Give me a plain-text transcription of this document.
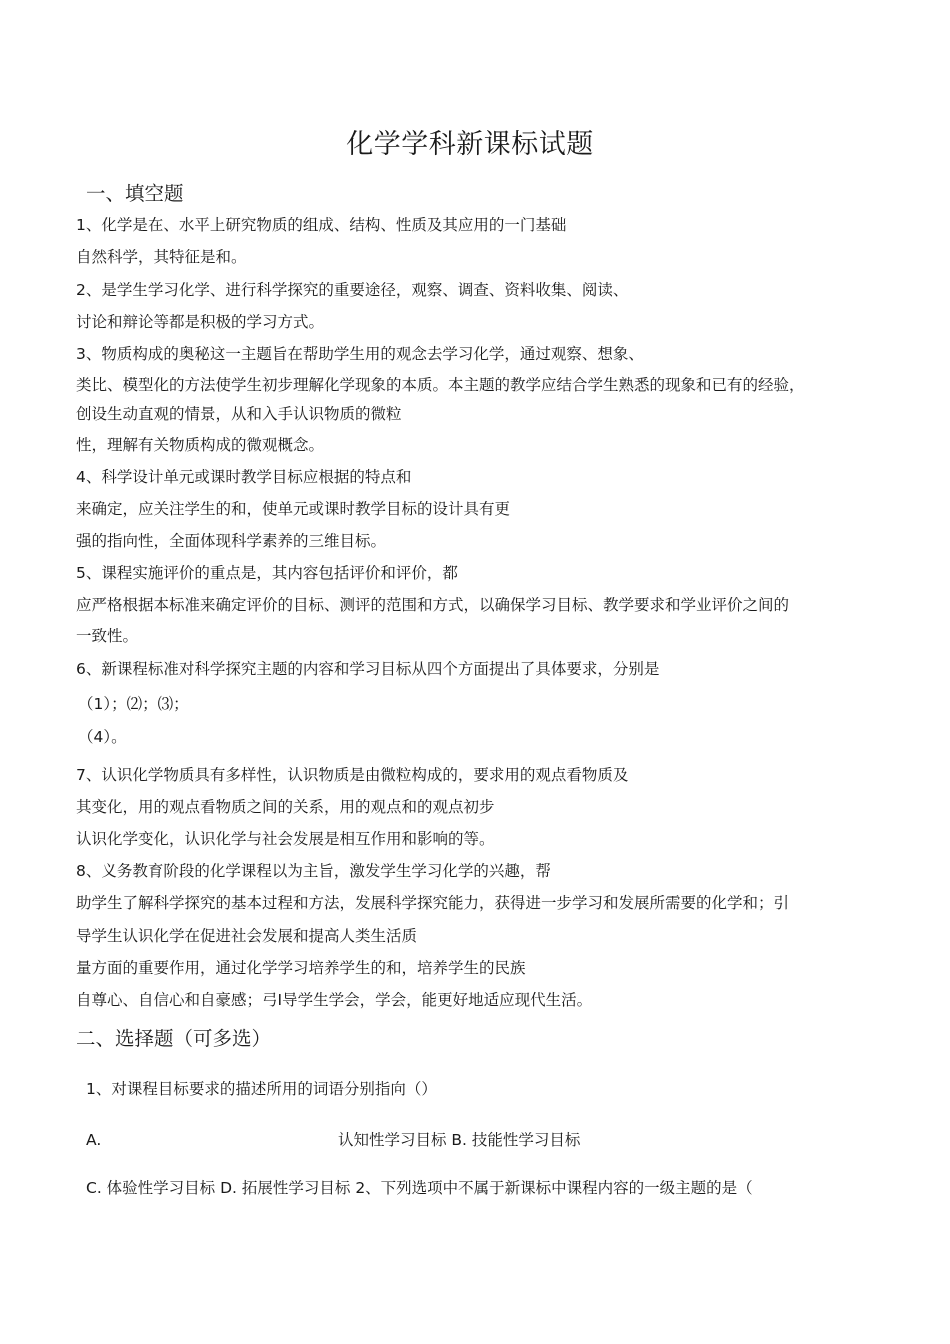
化学学科新课标试题
一、填空题
1、化学是在、水平上研究物质的组成、结构、性质及其应用的一门基础
自然科学，其特征是和。
2、是学生学习化学、进行科学探究的重要途径，观察、调查、资料收集、阅读、
讨论和辩论等都是积极的学习方式。
3、物质构成的奥秘这一主题旨在帮助学生用的观念去学习化学，通过观察、想象、
类比、模型化的方法使学生初步理解化学现象的本质。本主题的教学应结合学生熟悉的现象和已有的经验，
创设生动直观的情景，从和入手认识物质的微粒
性，理解有关物质构成的微观概念。
4、科学设计单元或课时教学目标应根据的特点和
来确定，应关注学生的和，使单元或课时教学目标的设计具有更
强的指向性，全面体现科学素养的三维目标。
5、课程实施评价的重点是，其内容包括评价和评价，都
应严格根据本标准来确定评价的目标、测评的范围和方式，以确保学习目标、教学要求和学业评价之间的
一致性。
6、新课程标准对科学探究主题的内容和学习目标从四个方面提出了具体要求，分别是
（1）；⑵；⑶；
（4）。
7、认识化学物质具有多样性，认识物质是由微粒构成的，要求用的观点看物质及
其变化，用的观点看物质之间的关系，用的观点和的观点初步
认识化学变化，认识化学与社会发展是相互作用和影响的等。
8、义务教育阶段的化学课程以为主旨，激发学生学习化学的兴趣，帮
助学生了解科学探究的基本过程和方法，发展科学探究能力，获得进一步学习和发展所需要的化学和；引
导学生认识化学在促进社会发展和提高人类生活质
量方面的重要作用，通过化学学习培养学生的和，培养学生的民族
自尊心、自信心和自豪感；弓I导学生学会，学会，能更好地适应现代生活。
二、选择题（可多选）
1、对课程目标要求的描述所用的词语分别指向（）
A.	认知性学习目标 B. 技能性学习目标
C. 体验性学习目标 D. 拓展性学习目标 2、下列选项中不属于新课标中课程内容的一级主题的是（
